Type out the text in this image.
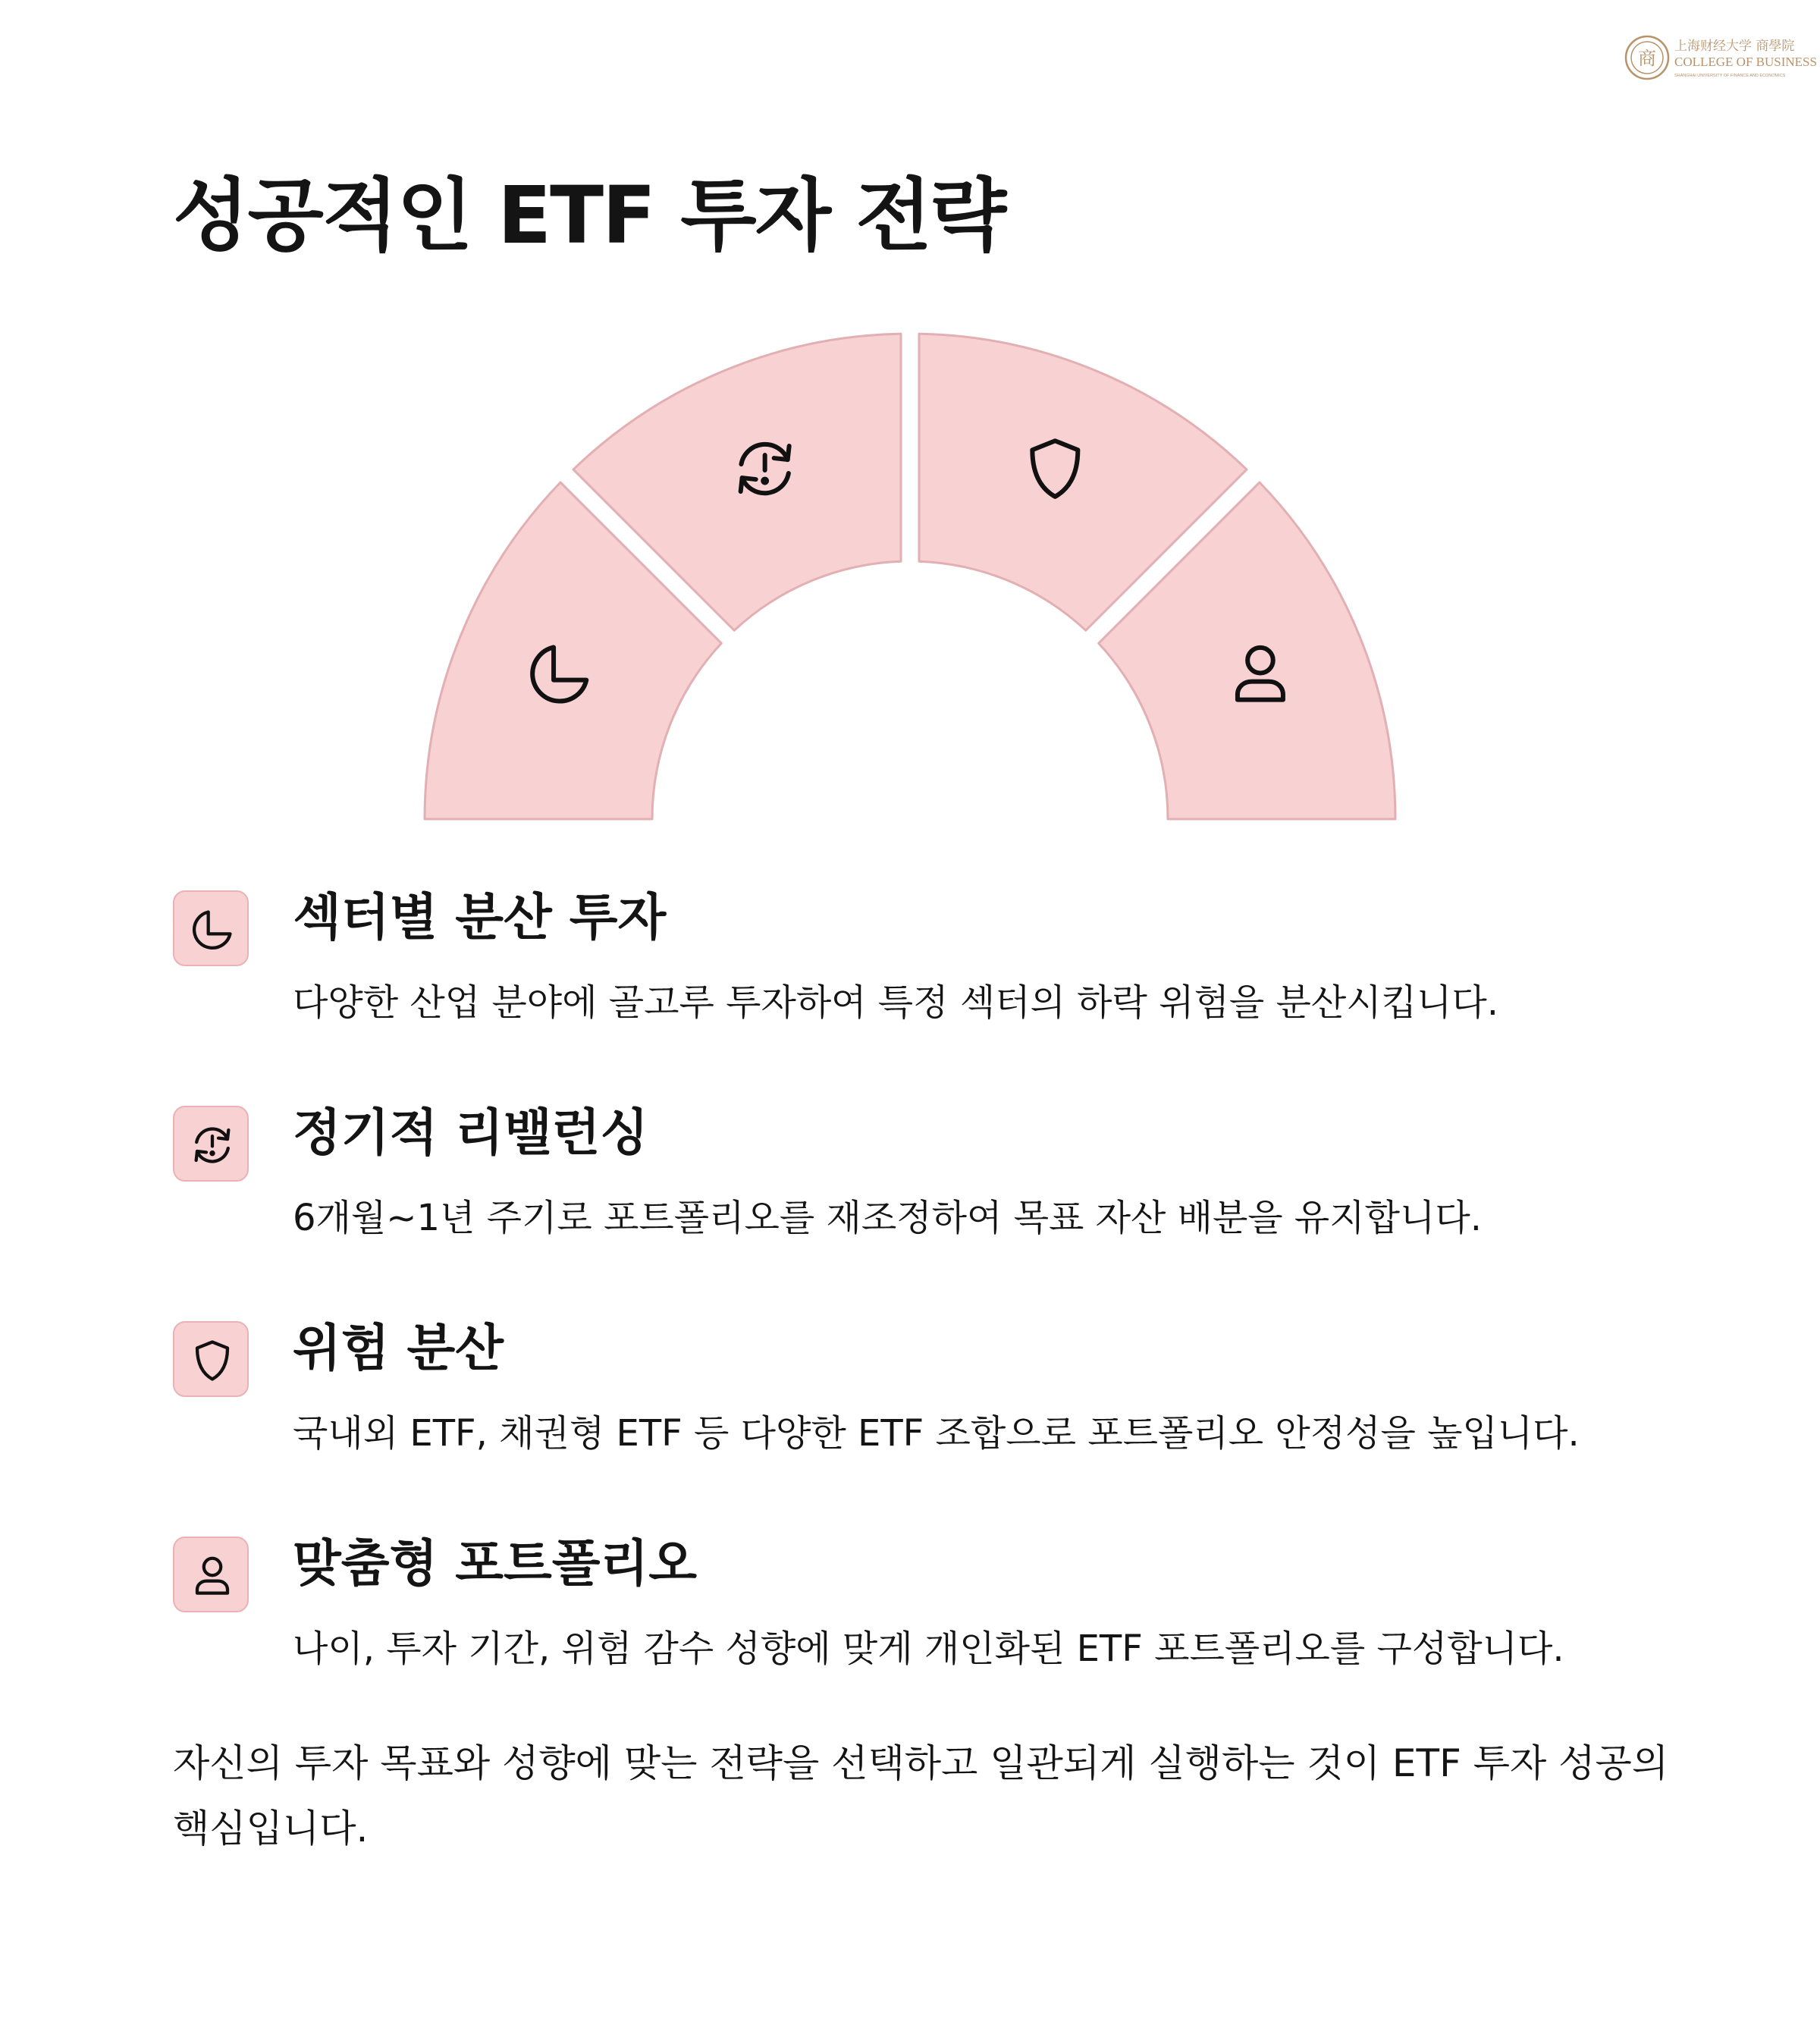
商
上海财经大学 商學院
COLLEGE OF BUSINESS
SHANGHAI UNIVERSITY OF FINANCE AND ECONOMICS
성공적인 ETF 투자 전략
섹터별 분산 투자

다양한 산업 분야에 골고루 투자하여 특정 섹터의 하락 위험을 분산시킵니다.

정기적 리밸런싱

6개월~1년 주기로 포트폴리오를 재조정하여 목표 자산 배분을 유지합니다.

위험 분산

국내외 ETF, 채권형 ETF 등 다양한 ETF 조합으로 포트폴리오 안정성을 높입니다.

맞춤형 포트폴리오

나이, 투자 기간, 위험 감수 성향에 맞게 개인화된 ETF 포트폴리오를 구성합니다.

자신의 투자 목표와 성향에 맞는 전략을 선택하고 일관되게 실행하는 것이 ETF 투자 성공의 핵심입니다.
